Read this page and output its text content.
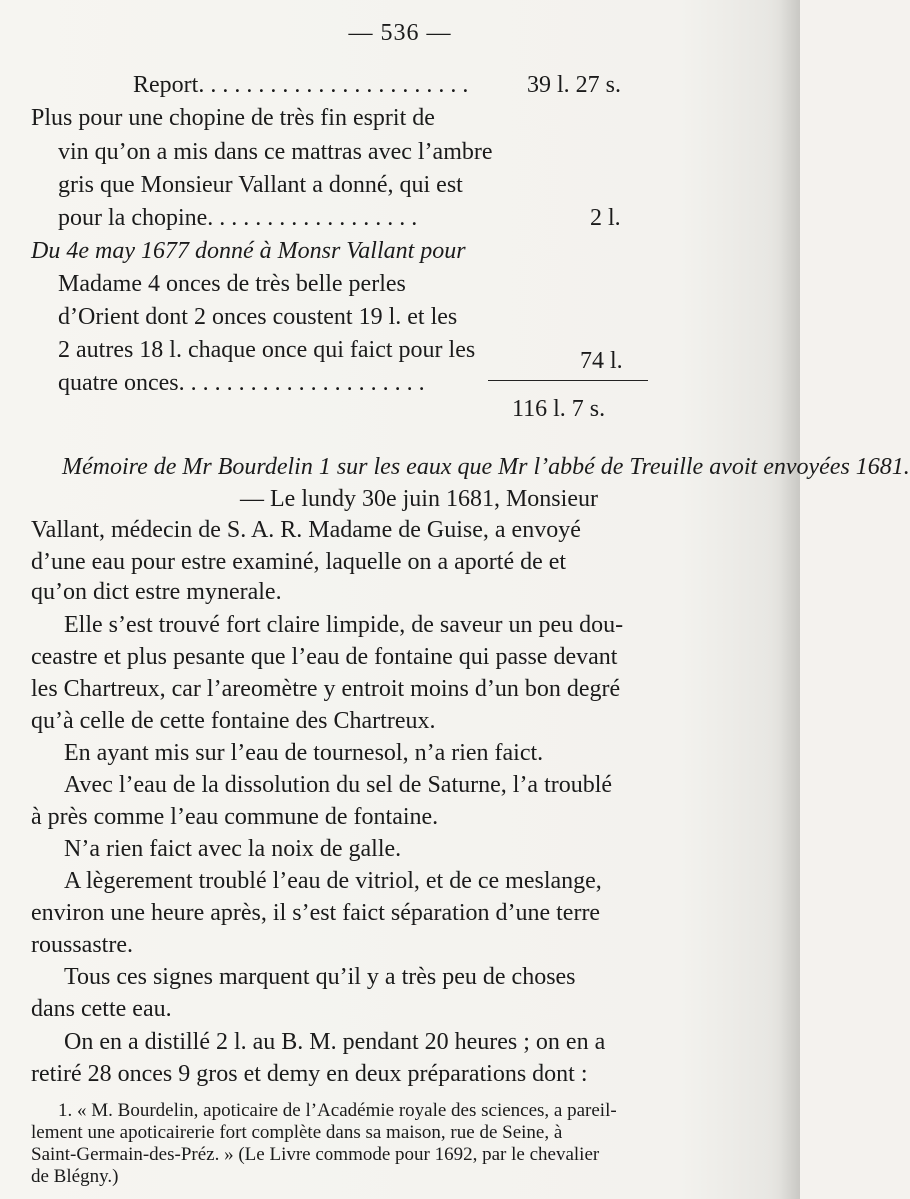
— 536 —
Report. . . . . . . . . . . . . . . . . . . . . . . 39 l. 27 s.
Plus pour une chopine de très fin esprit de
vin qu’on a mis dans ce mattras avec l’ambre
gris que Monsieur Vallant a donné, qui est
pour la chopine. . . . . . . . . . . . . . . . . .	2 l.
Du 4e may 1677 donné à Monsr Vallant pour
Madame 4 onces de très belle perles
d’Orient dont 2 onces coustent 19 l. et les
2 autres 18 l. chaque once qui faict pour les
quatre onces. . . . . . . . . . . . . . . . . . . . .
74 l.
116 l. 7 s.
Mémoire de Mr Bourdelin 1 sur les eaux que Mr l’abbé de Treuille avoit envoyées 1681.
— Le lundy 30e juin 1681, Monsieur
Vallant, médecin de S. A. R. Madame de Guise, a envoyé
d’une eau pour estre examiné, laquelle on a aporté de et
qu’on dict estre mynerale.
Elle s’est trouvé fort claire limpide, de saveur un peu dou-
ceastre et plus pesante que l’eau de fontaine qui passe devant
les Chartreux, car l’areomètre y entroit moins d’un bon degré
qu’à celle de cette fontaine des Chartreux.
En ayant mis sur l’eau de tournesol, n’a rien faict.
Avec l’eau de la dissolution du sel de Saturne, l’a troublé
à près comme l’eau commune de fontaine.
N’a rien faict avec la noix de galle.
A lègerement troublé l’eau de vitriol, et de ce meslange,
environ une heure après, il s’est faict séparation d’une terre
roussastre.
Tous ces signes marquent qu’il y a très peu de choses
dans cette eau.
On en a distillé 2 l. au B. M. pendant 20 heures ; on en a
retiré 28 onces 9 gros et demy en deux préparations dont :
1. « M. Bourdelin, apoticaire de l’Académie royale des sciences, a pareil-
lement une apoticairerie fort complète dans sa maison, rue de Seine, à
Saint-Germain-des-Préz. » (Le Livre commode pour 1692, par le chevalier
de Blégny.)
